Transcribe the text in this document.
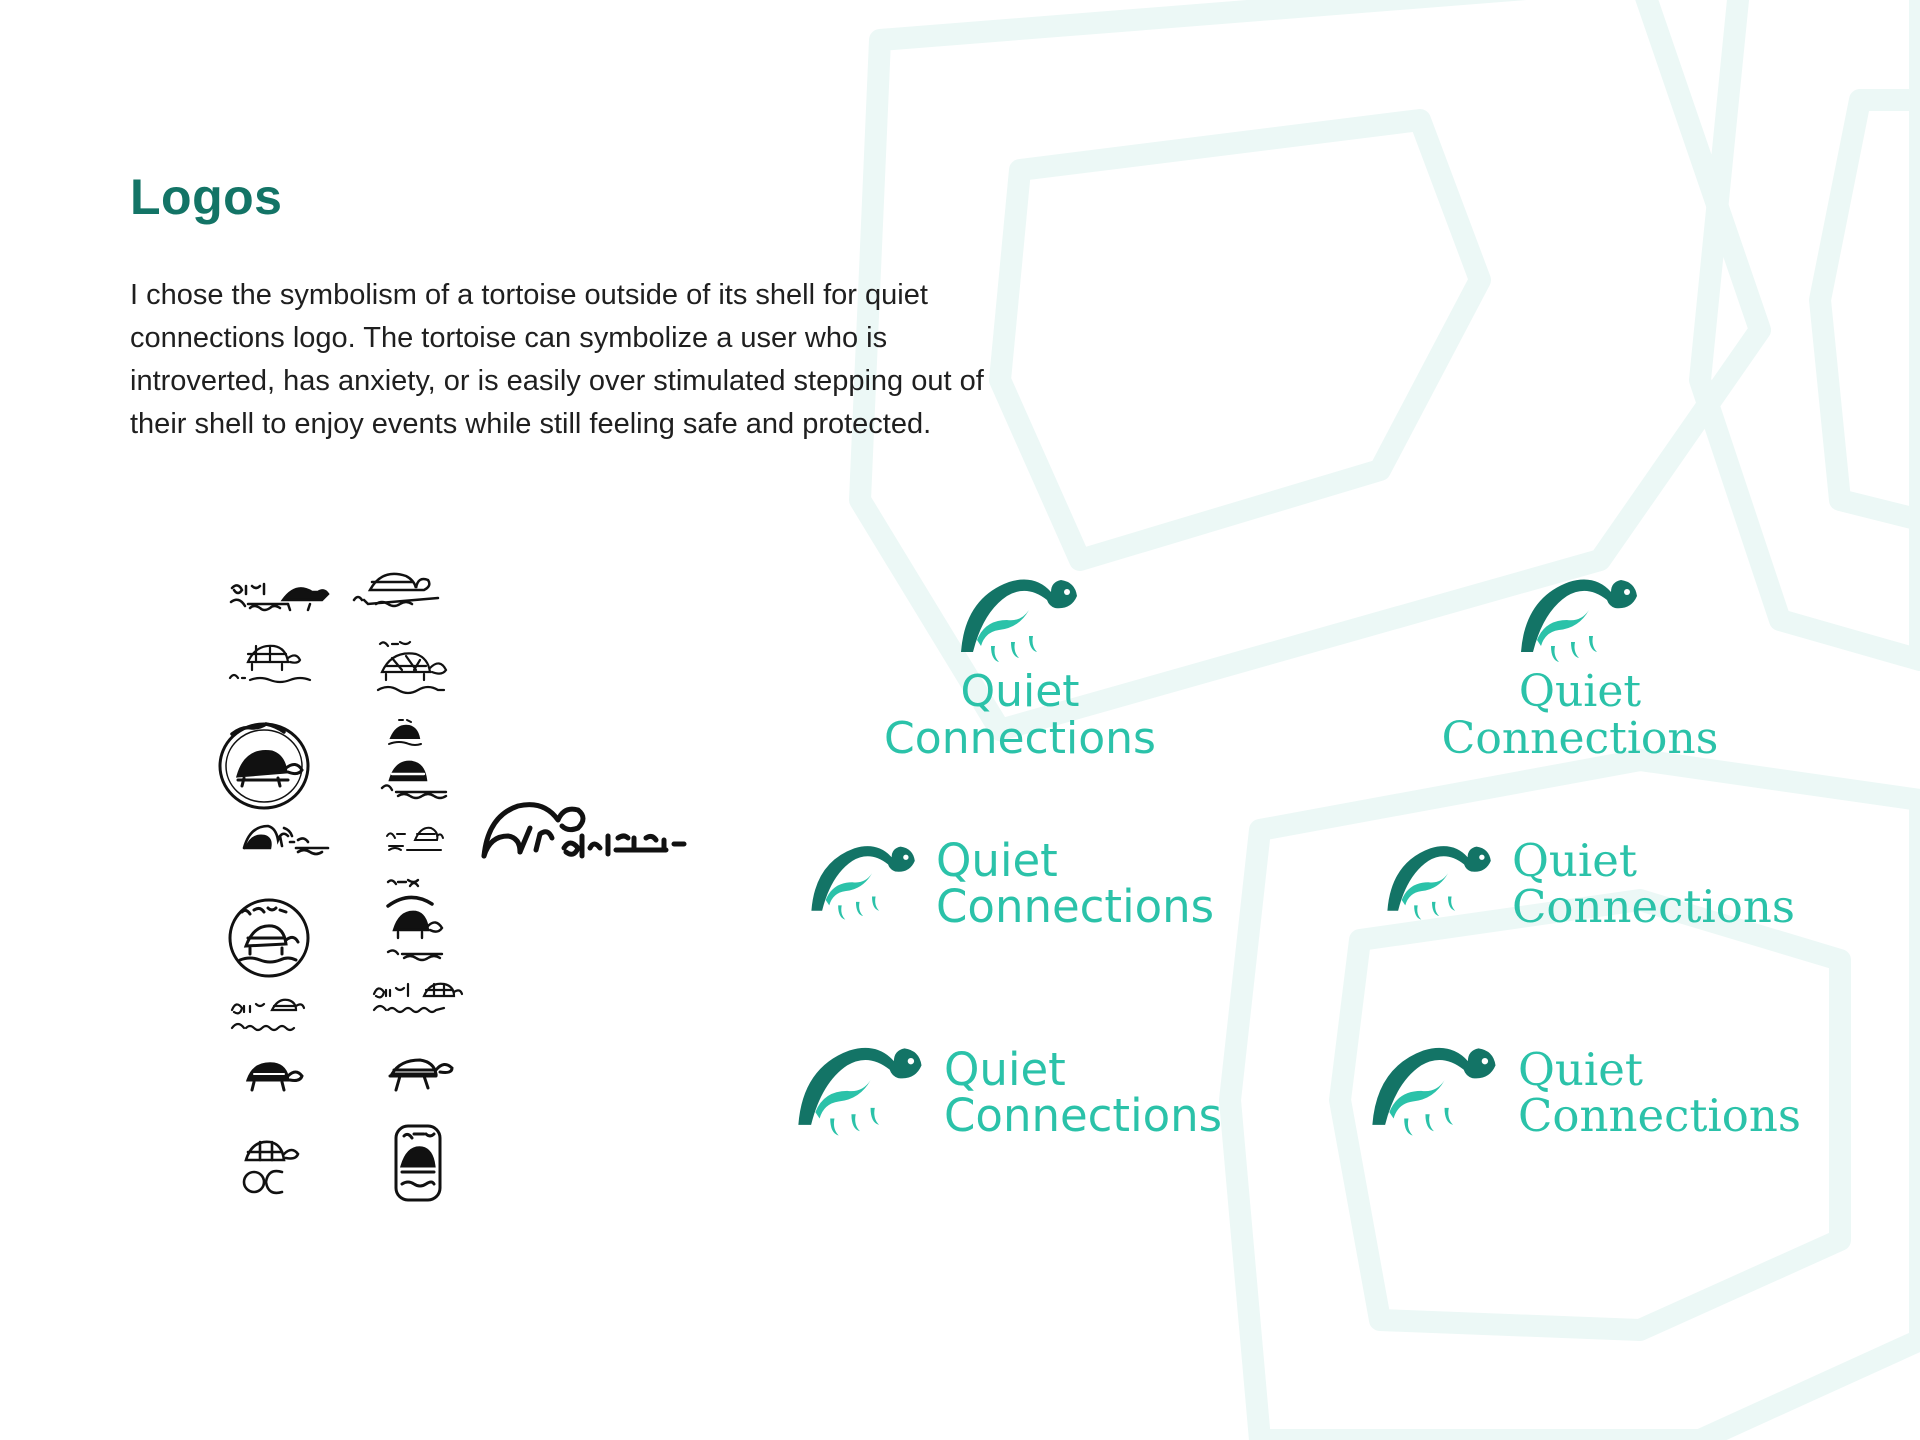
Logos

I chose the symbolism of a tortoise outside of its shell for quiet connections logo. The tortoise can symbolize a user who is introverted, has anxiety, or is easily over stimulated stepping out of their shell to enjoy events while still feeling safe and protected.

Quiet
Connections
Quiet
Connections
Quiet
Connections
Quiet
Connections
Quiet
Connections
Quiet
Connections
